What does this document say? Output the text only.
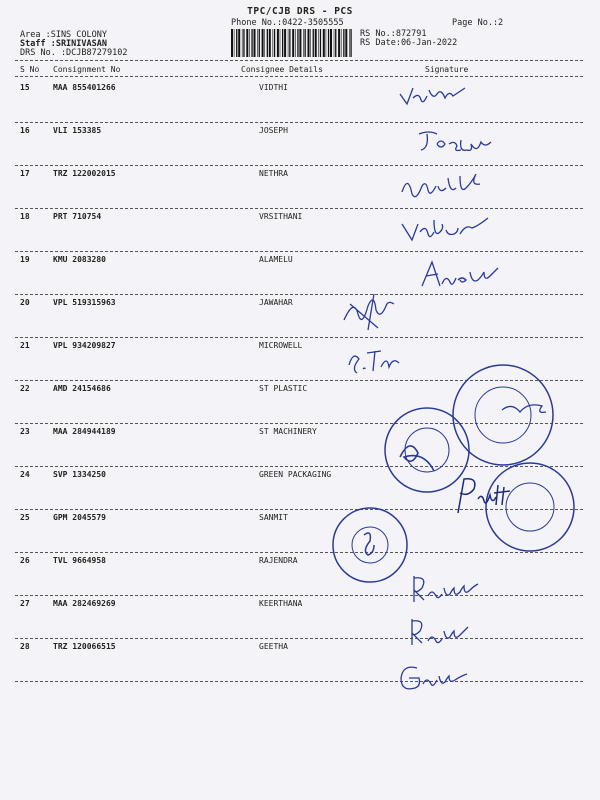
TPC/CJB DRS - PCS
Phone No.:0422-3505555	Page No.:2
Area :SINS COLONY
Staff :SRINIVASAN
DRS No. :DCJB87279102
RS No.:872791
RS Date:06-Jan-2022
S No Consignment No	Consignee Details	Signature
15	MAA 855401266	VIDTHI
16	VLI 153385	JOSEPH
17	TRZ 122002015	NETHRA
18	PRT 710754	VRSITHANI
19	KMU 2083280	ALAMELU
20	VPL 519315963	JAWAHAR
21	VPL 934209827	MICROWELL
22	AMD 24154686	ST PLASTIC
23	MAA 284944189	ST MACHINERY
24	SVP 1334250	GREEN PACKAGING
25	GPM 2045579	SANMIT
26	TVL 9664958	RAJENDRA
27	MAA 282469269	KEERTHANA
28	TRZ 120066515	GEETHA
9994692235
9976852225
ST PLASTIC MACHINERY PVT LTD CBE
S and T MACHINERY Pvt Ltd
GREEN PACKAGING COIMBATORE
SANMIT CARD CUTTING INDIA PVT LTD
